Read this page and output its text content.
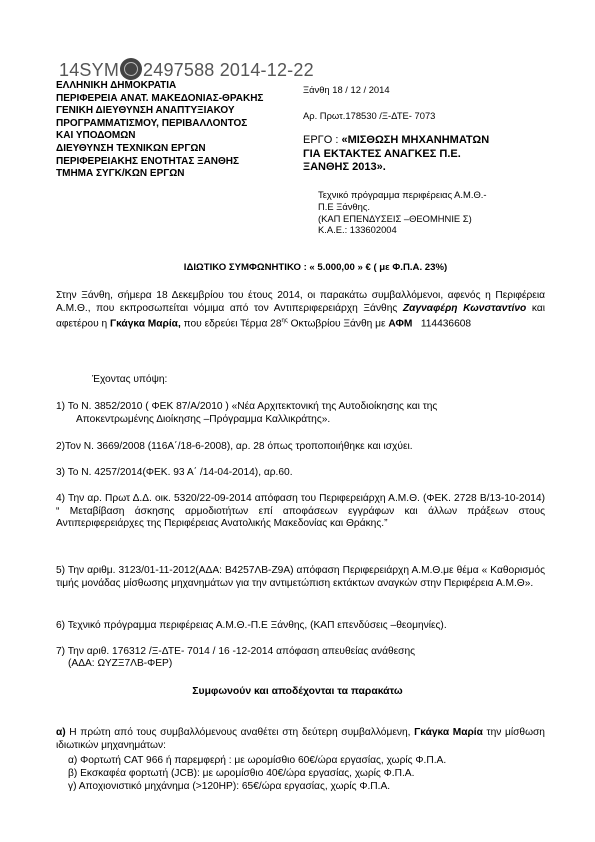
14SYM 2497588 2014-12-22
ΕΛΛΗΝΙΚΗ ΔΗΜΟΚΡΑΤΙΑ
ΠΕΡΙΦΕΡΕΙΑ ΑΝΑΤ. ΜΑΚΕΔΟΝΙΑΣ-ΘΡΑΚΗΣ
ΓΕΝΙΚΗ ΔΙΕΥΘΥΝΣΗ ΑΝΑΠΤΥΞΙΑΚΟΥ
ΠΡΟΓΡΑΜΜΑΤΙΣΜΟΥ, ΠΕΡΙΒΑΛΛΟΝΤΟΣ
ΚΑΙ ΥΠΟΔΟΜΩΝ
ΔΙΕΥΘΥΝΣΗ ΤΕΧΝΙΚΩΝ ΕΡΓΩΝ
ΠΕΡΙΦΕΡΕΙΑΚΗΣ ΕΝΟΤΗΤΑΣ ΞΑΝΘΗΣ
ΤΜΗΜΑ ΣΥΓΚ/ΚΩΝ ΕΡΓΩΝ
Ξάνθη 18 / 12 / 2014
Αρ. Πρωτ.178530 /Ξ-ΔΤΕ- 7073
ΕΡΓΟ : «ΜΙΣΘΩΣΗ ΜΗΧΑΝΗΜΑΤΩΝ
ΓΙΑ ΕΚΤΑΚΤΕΣ ΑΝΑΓΚΕΣ Π.Ε.
ΞΑΝΘΗΣ 2013».
Τεχνικό πρόγραμμα περιφέρειας Α.Μ.Θ.-
Π.Ε Ξάνθης.
(ΚΑΠ ΕΠΕΝΔΥΣΕΙΣ –ΘΕΟΜΗΝΙΕ Σ)
Κ.Α.Ε.: 133602004
ΙΔΙΩΤΙΚΟ ΣΥΜΦΩΝΗΤΙΚΟ : « 5.000,00 » € ( με Φ.Π.Α. 23%)
Στην Ξάνθη, σήμερα 18 Δεκεμβρίου του έτους 2014, οι παρακάτω συμβαλλόμενοι, αφενός η Περιφέρεια Α.Μ.Θ., που εκπροσωπείται νόμιμα από τον Αντιπεριφερειάρχη Ξάνθης Ζαγναφέρη Κωνσταντίνο και αφετέρου η Γκάγκα Μαρία, που εδρεύει Τέρμα $28^{\eta\varsigma}$ Οκτωβρίου Ξάνθη με ΑΦΜ 114436608
Έχοντας υπόψη:
1) Το Ν. 3852/2010 ( ΦΕΚ 87/Α/2010 ) «Νέα Αρχιτεκτονική της Αυτοδιοίκησης και της
Αποκεντρωμένης Διοίκησης –Πρόγραμμα Καλλικράτης».
2)Τον Ν. 3669/2008 (116Α΄/18-6-2008), αρ. 28 όπως τροποποιήθηκε και ισχύει.
3) Το Ν. 4257/2014(ΦΕΚ. 93 Α΄ /14-04-2014), αρ.60.
4) Την αρ. Πρωτ Δ.Δ. οικ. 5320/22-09-2014 απόφαση του Περιφερειάρχη Α.Μ.Θ. (ΦΕΚ. 2728 Β/13-10-2014) “ Μεταβίβαση άσκησης αρμοδιοτήτων επί αποφάσεων εγγράφων και άλλων πράξεων στους Αντιπεριφερειάρχες της Περιφέρειας Ανατολικής Μακεδονίας και Θράκης.”
5) Την αριθμ. 3123/01-11-2012(ΑΔΑ: Β4257ΛΒ-Ζ9Α) απόφαση Περιφερειάρχη Α.Μ.Θ.με θέμα « Καθορισμός τιμής μονάδας μίσθωσης μηχανημάτων για την αντιμετώπιση εκτάκτων αναγκών στην Περιφέρεια Α.Μ.Θ».
6) Τεχνικό πρόγραμμα περιφέρειας Α.Μ.Θ.-Π.Ε Ξάνθης, (ΚΑΠ επενδύσεις –θεομηνίες).
7) Την αριθ. 176312 /Ξ-ΔΤΕ- 7014 / 16 -12-2014 απόφαση απευθείας ανάθεσης
(ΑΔΑ: ΩΥΖΞ7ΛΒ-ΦΕΡ)
Συμφωνούν και αποδέχονται τα παρακάτω
α) Η πρώτη από τους συμβαλλόμενους αναθέτει στη δεύτερη συμβαλλόμενη, Γκάγκα Μαρία την μίσθωση ιδιωτικών μηχανημάτων:
α) Φορτωτή CAT 966 ή παρεμφερή : με ωρομίσθιο 60€/ώρα εργασίας, χωρίς Φ.Π.Α.
β) Εκσκαφέα φορτωτή (JCB): με ωρομίσθιο 40€/ώρα εργασίας, χωρίς Φ.Π.Α.
γ) Αποχιονιστικό μηχάνημα (>120HP): 65€/ώρα εργασίας, χωρίς Φ.Π.Α.
